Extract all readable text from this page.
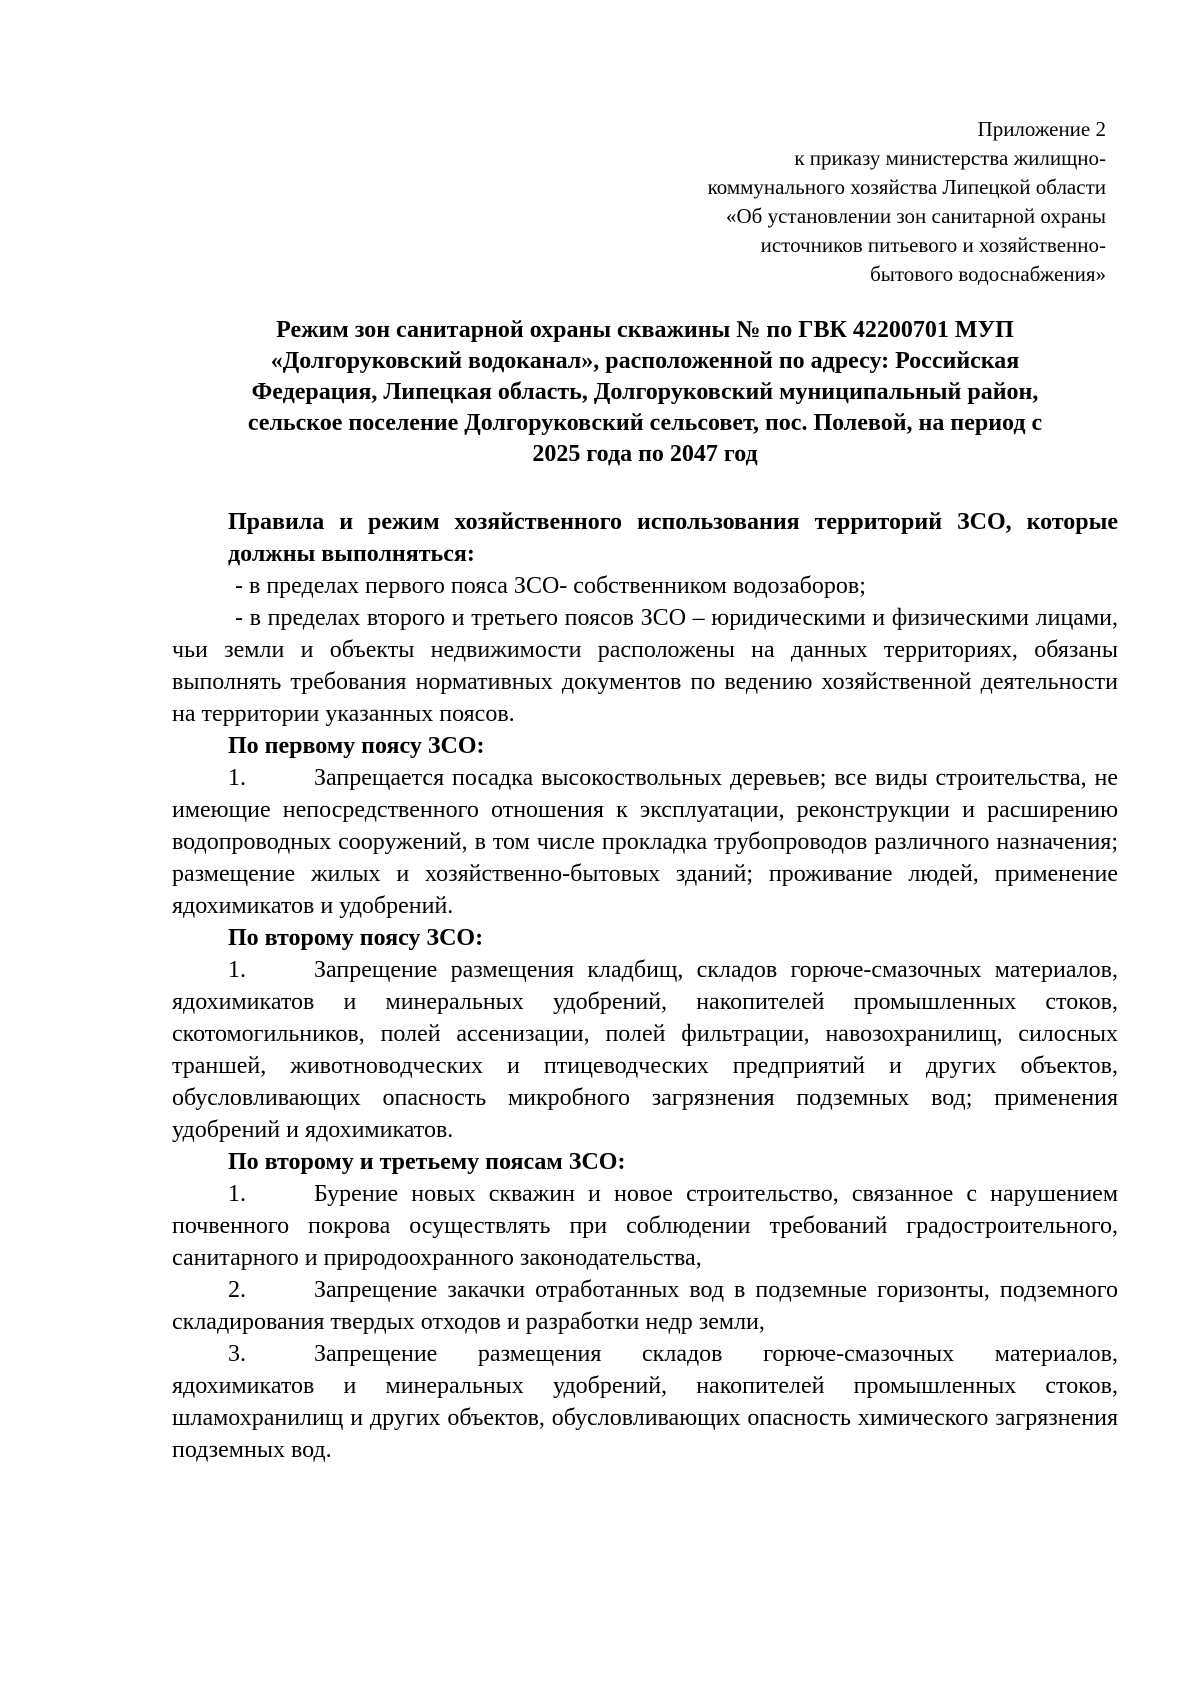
Приложение 2
к приказу министерства жилищно-
коммунального хозяйства Липецкой области
«Об установлении зон санитарной охраны
источников питьевого и хозяйственно-
бытового водоснабжения»
Режим зон санитарной охраны скважины № по ГВК 42200701 МУП
«Долгоруковский водоканал», расположенной по адресу: Российская
Федерация, Липецкая область, Долгоруковский муниципальный район,
сельское поселение Долгоруковский сельсовет, пос. Полевой, на период с
2025 года по 2047 год
Правила и режим хозяйственного использования территорий ЗСО, которые должны выполняться:
- в пределах первого пояса ЗСО- собственником водозаборов;
- в пределах второго и третьего поясов ЗСО – юридическими и физическими лицами, чьи земли и объекты недвижимости расположены на данных территориях, обязаны выполнять требования нормативных документов по ведению хозяйственной деятельности на территории указанных поясов.
По первому поясу ЗСО:
1.	Запрещается посадка высокоствольных деревьев; все виды строительства, не имеющие непосредственного отношения к эксплуатации, реконструкции и расширению водопроводных сооружений, в том числе прокладка трубопроводов различного назначения; размещение жилых и хозяйственно-бытовых зданий; проживание людей, применение ядохимикатов и удобрений.
По второму поясу ЗСО:
1.	Запрещение размещения кладбищ, складов горюче-смазочных материалов, ядохимикатов и минеральных удобрений, накопителей промышленных стоков, скотомогильников, полей ассенизации, полей фильтрации, навозохранилищ, силосных траншей, животноводческих и птицеводческих предприятий и других объектов, обусловливающих опасность микробного загрязнения подземных вод; применения удобрений и ядохимикатов.
По второму и третьему поясам ЗСО:
1.	Бурение новых скважин и новое строительство, связанное с нарушением почвенного покрова осуществлять при соблюдении требований градостроительного, санитарного и природоохранного законодательства,
2.	Запрещение закачки отработанных вод в подземные горизонты, подземного складирования твердых отходов и разработки недр земли,
3.	Запрещение размещения складов горюче-смазочных материалов, ядохимикатов и минеральных удобрений, накопителей промышленных стоков, шламохранилищ и других объектов, обусловливающих опасность химического загрязнения подземных вод.
